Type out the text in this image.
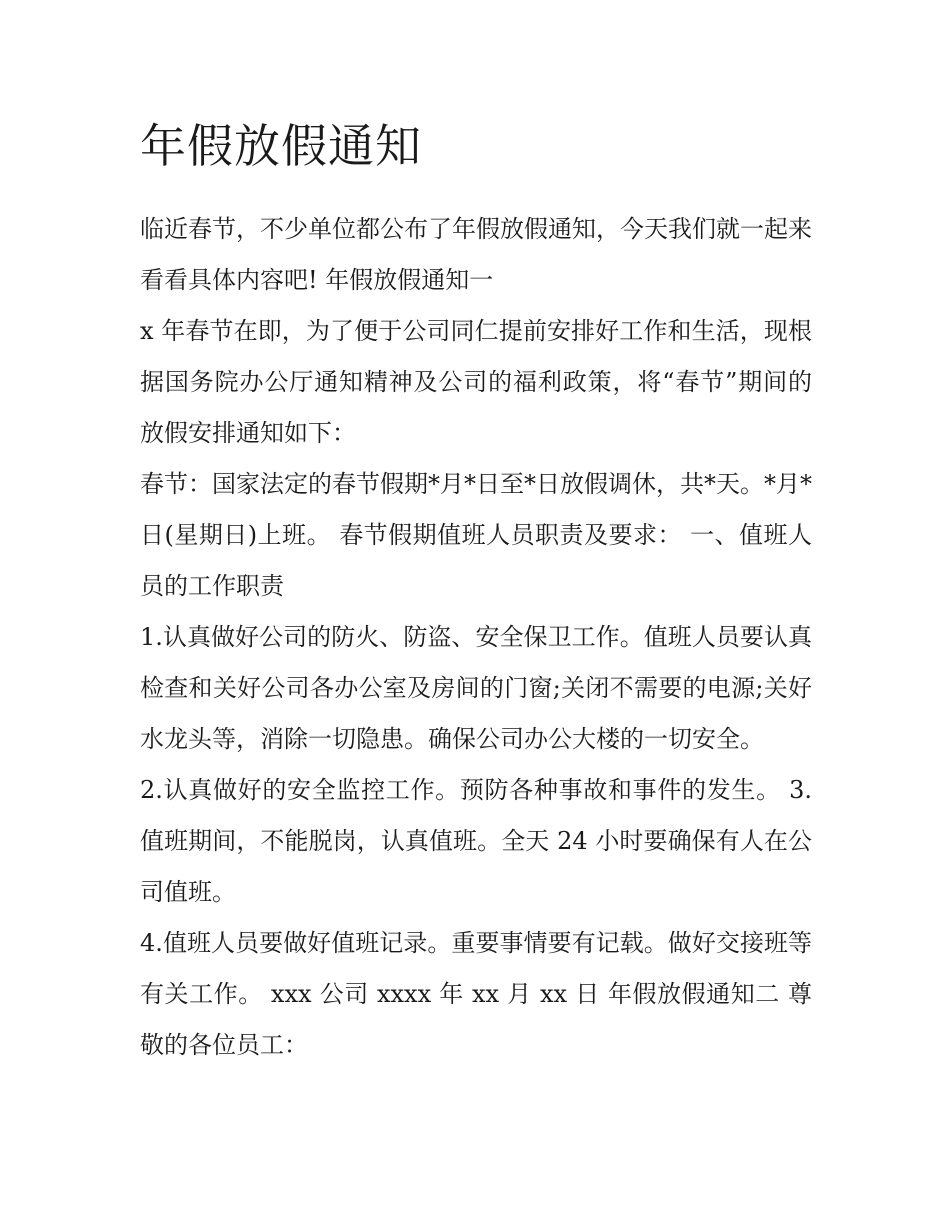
年假放假通知

临近春节，不少单位都公布了年假放假通知，今天我们就一起来看看具体内容吧! 年假放假通知一

x 年春节在即，为了便于公司同仁提前安排好工作和生活，现根据国务院办公厅通知精神及公司的福利政策，将“春节”期间的放假安排通知如下：

春节：国家法定的春节假期*月*日至*日放假调休，共*天。*月*日(星期日)上班。 春节假期值班人员职责及要求： 一、值班人员的工作职责

1.认真做好公司的防火、防盗、安全保卫工作。值班人员要认真检查和关好公司各办公室及房间的门窗;关闭不需要的电源;关好水龙头等，消除一切隐患。确保公司办公大楼的一切安全。

2.认真做好的安全监控工作。预防各种事故和事件的发生。 3.值班期间，不能脱岗，认真值班。全天 24 小时要确保有人在公司值班。

4.值班人员要做好值班记录。重要事情要有记载。做好交接班等有关工作。 xxx 公司 xxxx 年 xx 月 xx 日 年假放假通知二 尊敬的各位员工：
